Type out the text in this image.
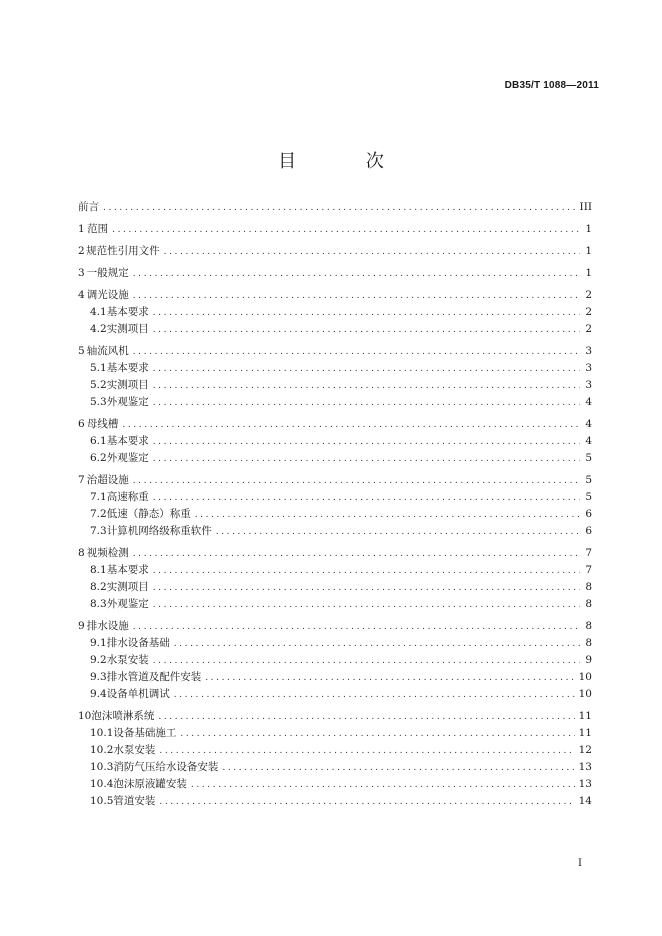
DB35/T 1088—2011
目 次
前言 .....	III
1 范围 .....	1
2 规范性引用文件 .....	1
3 一般规定 .....	1
4 调光设施 .....	2
4.1 基本要求 .....	2
4.2 实测项目 .....	2
5 轴流风机 .....	3
5.1 基本要求 .....	3
5.2 实测项目 .....	3
5.3 外观鉴定 .....	4
6 母线槽 .....	4
6.1 基本要求 .....	4
6.2 外观鉴定 .....	5
7 治超设施 .....	5
7.1 高速称重 .....	5
7.2 低速（静态）称重 .....	6
7.3 计算机网络级称重软件 .....	6
8 视频检测 .....	7
8.1 基本要求 .....	7
8.2 实测项目 .....	8
8.3 外观鉴定 .....	8
9 排水设施 .....	8
9.1 排水设备基础 .....	8
9.2 水泵安装 .....	9
9.3 排水管道及配件安装 .....	10
9.4 设备单机调试 .....	10
10 泡沫喷淋系统 .....	11
10.1 设备基础施工 .....	11
10.2 水泵安装 .....	12
10.3 消防气压给水设备安装 .....	13
10.4 泡沫原液罐安装 .....	13
10.5 管道安装 .....	14
I
